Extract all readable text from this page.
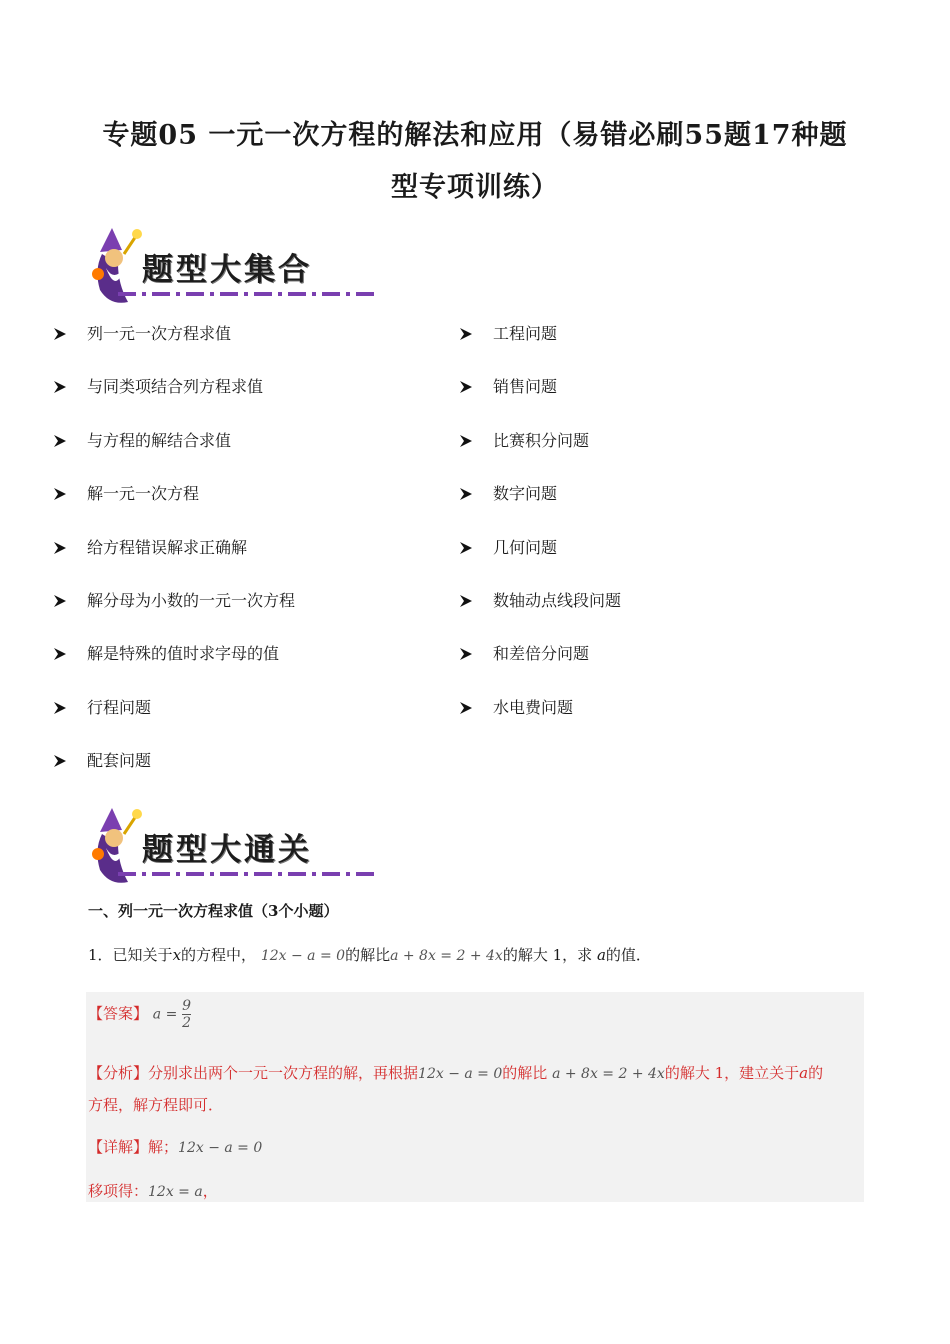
专题05 一元一次方程的解法和应用（易错必刷55题17种题
型专项训练）
题型大集合
列一元一次方程求值
与同类项结合列方程求值
与方程的解结合求值
解一元一次方程
给方程错误解求正确解
解分母为小数的一元一次方程
解是特殊的值时求字母的值
行程问题
配套问题
工程问题
销售问题
比赛积分问题
数字问题
几何问题
数轴动点线段问题
和差倍分问题
水电费问题
题型大通关
一、列一元一次方程求值（3个小题）
1．已知关于x的方程中， 12x − a = 0的解比a + 8x = 2 + 4x的解大 1，求 a的值．
【答案】 $a = \frac{9}{2}$
【分析】分别求出两个一元一次方程的解，再根据12x − a = 0的解比 a + 8x = 2 + 4x的解大 1，建立关于a的
方程，解方程即可．
【详解】解；12x − a = 0
移项得：12x = a，
